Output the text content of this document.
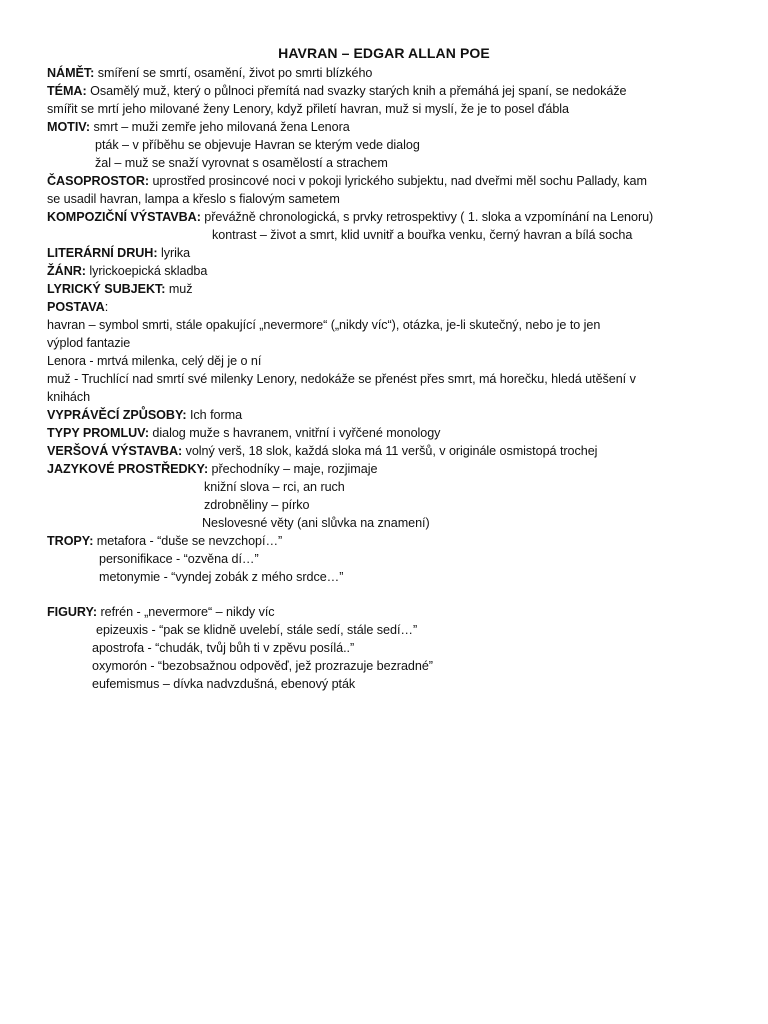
HAVRAN – EDGAR ALLAN POE
NÁMĚT: smíření se smrtí, osamění, život po smrti blízkého
TÉMA: Osamělý muž, který o půlnoci přemítá nad svazky starých knih a přemáhá jej spaní, se nedokáže
smířit se mrtí jeho milované ženy Lenory, když přiletí havran, muž si myslí, že je to posel ďábla
MOTIV: smrt – muži zemře jeho milovaná žena Lenora
pták – v příběhu se objevuje Havran se kterým vede dialog
žal – muž se snaží vyrovnat s osamělostí a strachem
ČASOPROSTOR: uprostřed prosincové noci v pokoji lyrického subjektu, nad dveřmi měl sochu Pallady, kam
se usadil havran, lampa a křeslo s fialovým sametem
KOMPOZIČNÍ VÝSTAVBA: převážně chronologická, s prvky retrospektivy ( 1. sloka a vzpomínání na Lenoru)
kontrast – život a smrt, klid uvnitř a bouřka venku, černý havran a bílá socha
LITERÁRNÍ DRUH: lyrika
ŽÁNR: lyrickoepická skladba
LYRICKÝ SUBJEKT: muž
POSTAVA:
havran – symbol smrti, stále opakující „nevermore“ („nikdy víc“), otázka, je-li skutečný, nebo je to jen
výplod fantazie
Lenora - mrtvá milenka, celý děj je o ní
muž - Truchlící nad smrtí své milenky Lenory, nedokáže se přenést přes smrt, má horečku, hledá utěšení v
knihách
VYPRÁVĚCÍ ZPŮSOBY: Ich forma
TYPY PROMLUV: dialog muže s havranem, vnitřní i vyřčené monology
VERŠOVÁ VÝSTAVBA: volný verš, 18 slok, každá sloka má 11 veršů, v originále osmistopá trochej
JAZYKOVÉ PROSTŘEDKY: přechodníky – maje, rozjimaje
knižní slova – rci, an ruch
zdrobněliny – pírko
Neslovesné věty (ani slůvka na znamení)
TROPY: metafora - “duše se nevzchopí…”
personifikace - “ozvěna dí…”
metonymie - “vyndej zobák z mého srdce…”
FIGURY: refrén - „nevermore“ – nikdy víc
epizeuxis - “pak se klidně uvelebí, stále sedí, stále sedí…”
apostrofa - “chudák, tvůj bůh ti v zpěvu posílá..”
oxymorón - “bezobsažnou odpověď, jež prozrazuje bezradné”
eufemismus – dívka nadvzdušná, ebenový pták
